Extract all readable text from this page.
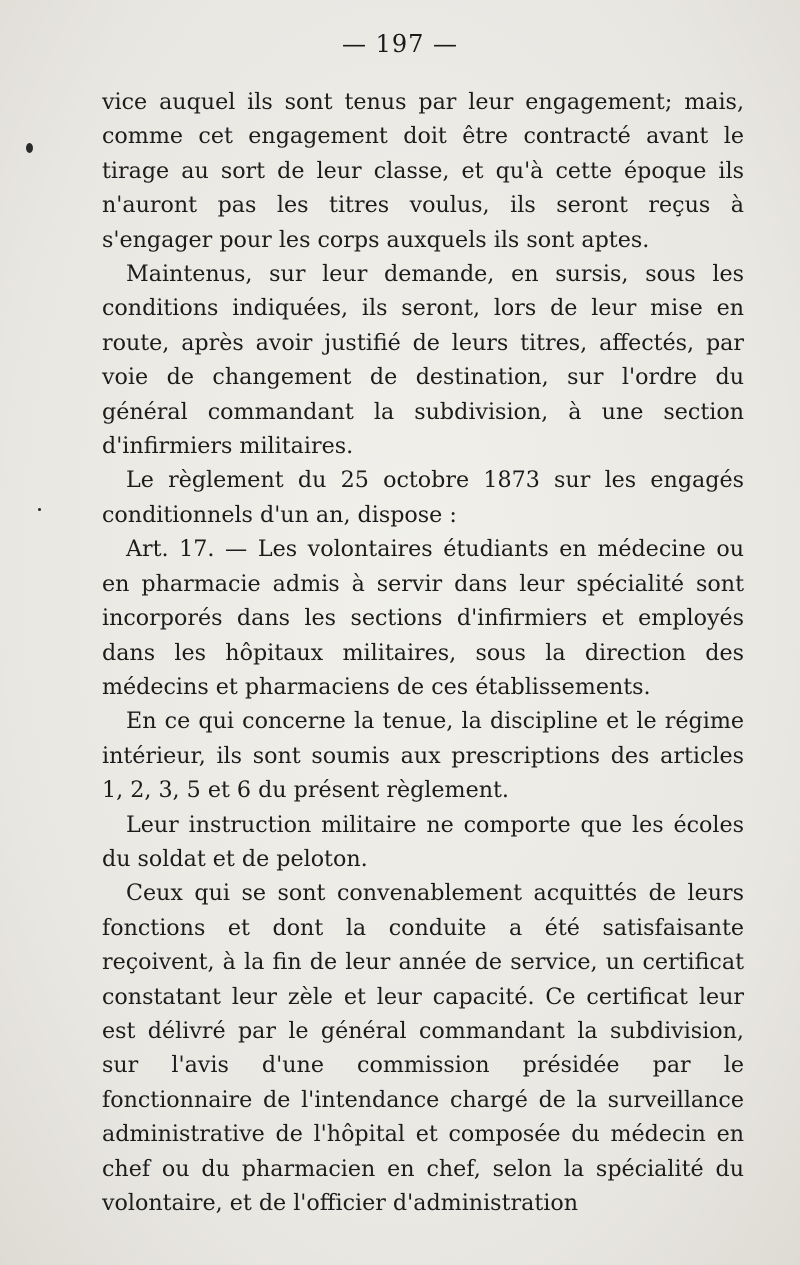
— 197 —

vice auquel ils sont tenus par leur engagement; mais, comme cet engagement doit être contracté avant le tirage au sort de leur classe, et qu'à cette époque ils n'auront pas les titres voulus, ils seront reçus à s'engager pour les corps auxquels ils sont aptes.

Maintenus, sur leur demande, en sursis, sous les conditions indiquées, ils seront, lors de leur mise en route, après avoir justifié de leurs titres, affectés, par voie de changement de destination, sur l'ordre du général commandant la subdivision, à une section d'infirmiers militaires.

Le règlement du 25 octobre 1873 sur les engagés conditionnels d'un an, dispose :

Art. 17. — Les volontaires étudiants en médecine ou en pharmacie admis à servir dans leur spécialité sont incorporés dans les sections d'infirmiers et employés dans les hôpitaux militaires, sous la direction des médecins et pharmaciens de ces établissements.

En ce qui concerne la tenue, la discipline et le régime intérieur, ils sont soumis aux prescriptions des articles 1, 2, 3, 5 et 6 du présent règlement.

Leur instruction militaire ne comporte que les écoles du soldat et de peloton.

Ceux qui se sont convenablement acquittés de leurs fonctions et dont la conduite a été satisfaisante reçoivent, à la fin de leur année de service, un certificat constatant leur zèle et leur capacité. Ce certificat leur est délivré par le général commandant la subdivision, sur l'avis d'une commission présidée par le fonctionnaire de l'intendance chargé de la surveillance administrative de l'hôpital et composée du médecin en chef ou du pharmacien en chef, selon la spécialité du volontaire, et de l'officier d'administration
